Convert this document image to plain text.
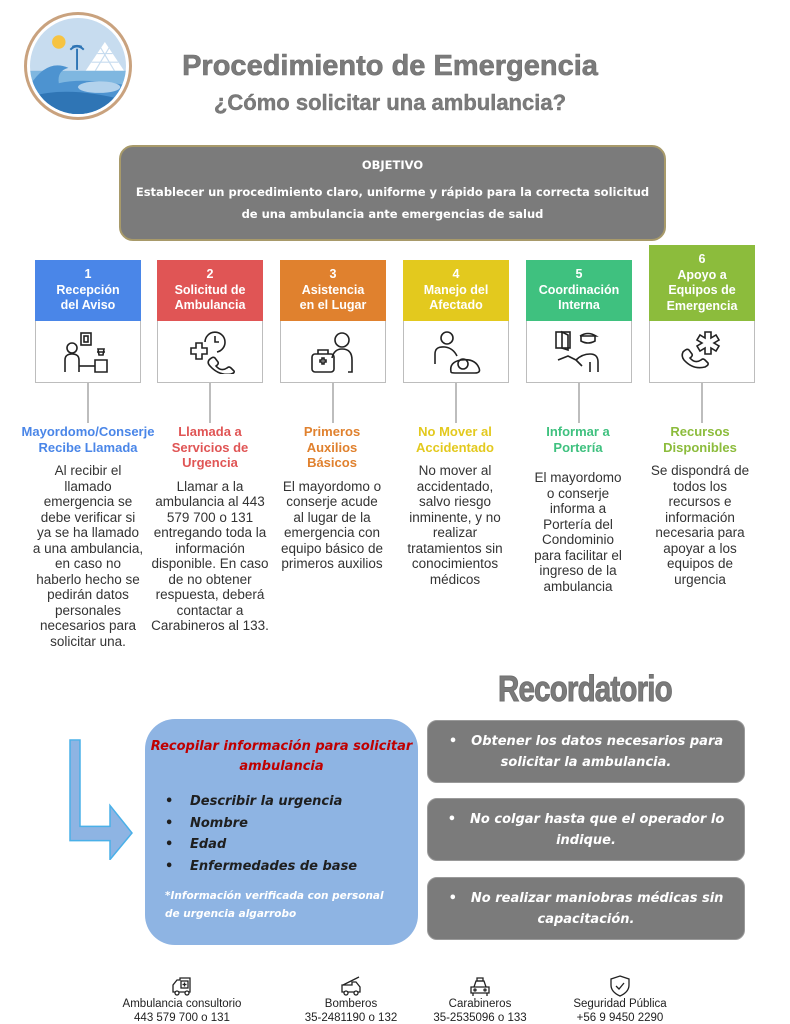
Procedimiento de Emergencia
¿Cómo solicitar una ambulancia?
OBJETIVO
Establecer un procedimiento claro, uniforme y rápido para la correcta solicitud de una ambulancia ante emergencias de salud
1
Recepción
del Aviso
2
Solicitud de
Ambulancia
3
Asistencia
en el Lugar
4
Manejo del
Afectado
5
Coordinación
Interna
6
Apoyo a
Equipos de
Emergencia
Mayordomo/Conserje Recibe Llamada
Al recibir el llamado emergencia se debe verificar si ya se ha llamado a una ambulancia, en caso no haberlo hecho se pedirán datos personales necesarios para solicitar una.
Llamada a Servicios de Urgencia
Llamar a la ambulancia al 443 579 700 o 131 entregando toda la información disponible. En caso de no obtener respuesta, deberá contactar a Carabineros al 133.
Primeros Auxilios Básicos
El mayordomo o conserje acude al lugar de la emergencia con equipo básico de primeros auxilios
No Mover al Accidentado
No mover al accidentado, salvo riesgo inminente, y no realizar tratamientos sin conocimientos médicos
Informar a Portería
El mayordomo o conserje informa a Portería del Condominio para facilitar el ingreso de la ambulancia
Recursos Disponibles
Se dispondrá de todos los recursos e información necesaria para apoyar a los equipos de urgencia
Recopilar información para solicitar ambulancia
•	Describir la urgencia
•	Nombre
•	Edad
•	Enfermedades de base
*Información verificada con personal de urgencia algarrobo
Recordatorio
• Obtener los datos necesarios para solicitar la ambulancia.
• No colgar hasta que el operador lo indique.
• No realizar maniobras médicas sin capacitación.
Ambulancia consultorio
443 579 700 o 131
Bomberos
35-2481190 o 132
Carabineros
35-2535096 o 133
Seguridad Pública
+56 9 9450 2290
